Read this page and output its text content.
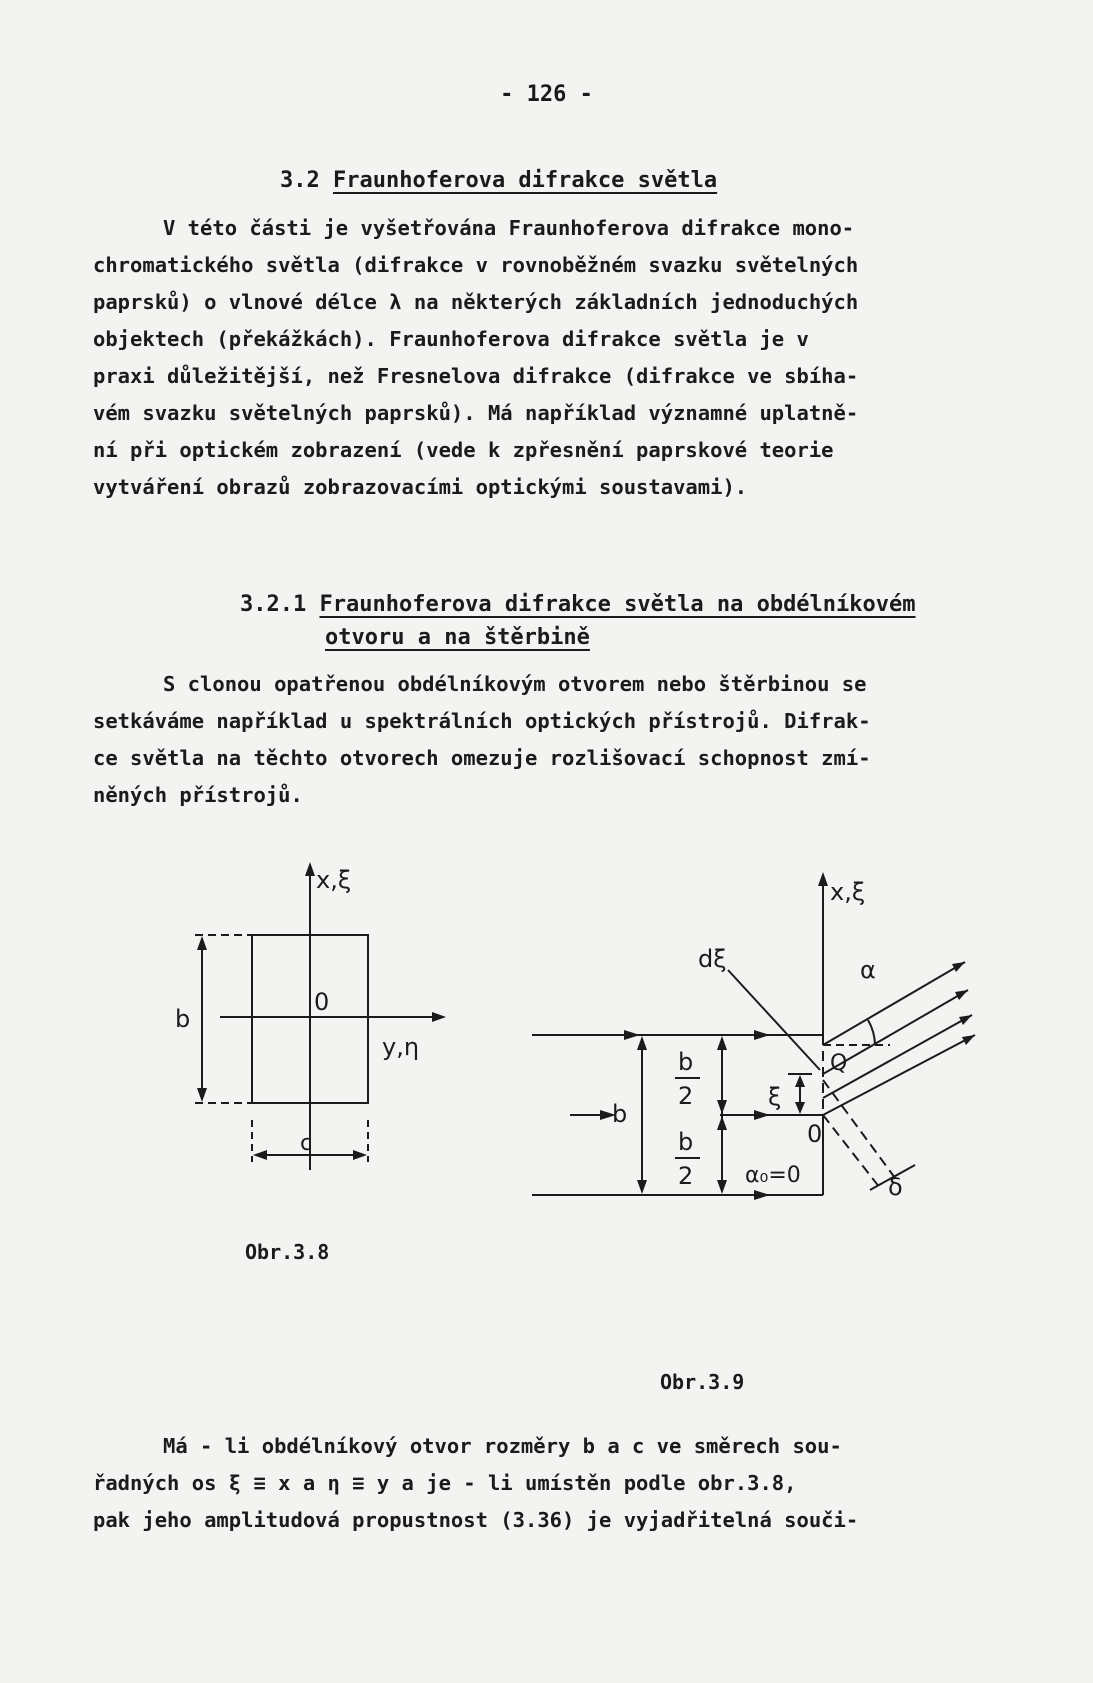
- 126 -
3.2 Fraunhoferova difrakce světla
V této části je vyšetřována Fraunhoferova difrakce mono-
chromatického světla (difrakce v rovnoběžném svazku světelných
paprsků) o vlnové délce λ na některých základních jednoduchých
objektech (překážkách). Fraunhoferova difrakce světla je v
praxi důležitější, než Fresnelova difrakce (difrakce ve sbíha-
vém svazku světelných paprsků). Má například významné uplatně-
ní při optickém zobrazení (vede k zpřesnění paprskové teorie
vytváření obrazů zobrazovacími optickými soustavami).
3.2.1 Fraunhoferova difrakce světla na obdélníkovém
otvoru a na štěrbině
S clonou opatřenou obdélníkovým otvorem nebo štěrbinou se
setkáváme například u spektrálních optických přístrojů. Difrak-
ce světla na těchto otvorech omezuje rozlišovací schopnost zmí-
něných přístrojů.
x,ξ
y,η
0
b
c
Obr.3.8
x,ξ
b
b
2
b
2
ξ
Q
0
dξ	α
δ
α₀=0
Obr.3.9
Má - li obdélníkový otvor rozměry b a c ve směrech sou-
řadných os ξ ≡ x a η ≡ y a je - li umístěn podle obr.3.8,
pak jeho amplitudová propustnost (3.36) je vyjadřitelná souči-
